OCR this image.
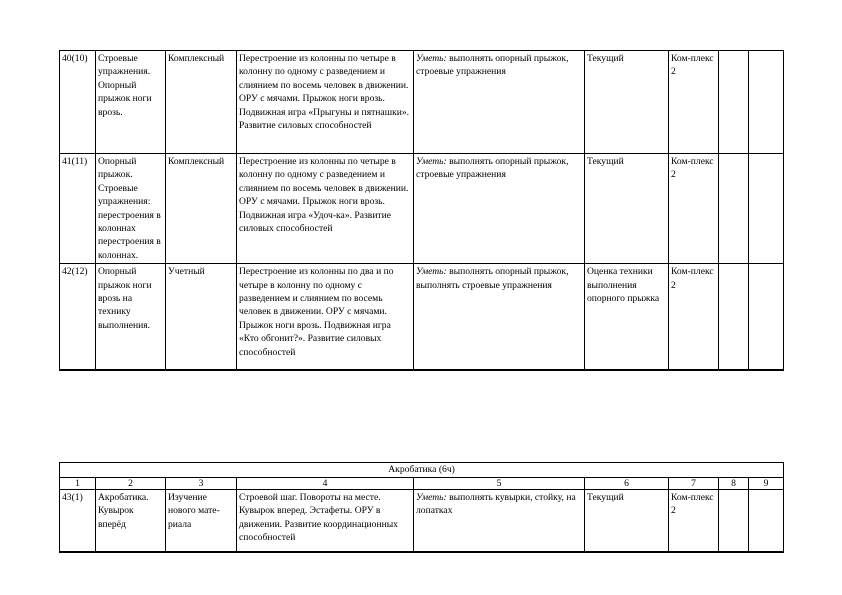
40(10)	Строевые упражнения. Опорный прыжок ноги врозь.	Комплексный	Перестроение из колонны по четыре в колонну по одному с разведением и слиянием по восемь человек в движении. ОРУ с мячами. Прыжок ноги врозь. Подвижная игра «Прыгуны и пятнашки». Развитие силовых способностей	Уметь: выполнять опорный прыжок, строевые упражнения	Текущий	Ком-плекс 2		
41(11)	Опорный прыжок. Строевые упражнения: перестроения в колоннах перестроения в колоннах.	Комплексный	Перестроение из колонны по четыре в колонну по одному с разведением и слиянием по восемь человек в движении. ОРУ с мячами. Прыжок ноги врозь. Подвижная игра «Удоч-ка». Развитие силовых способностей	Уметь: выполнять опорный прыжок, строевые упражнения	Текущий	Ком-плекс 2		
42(12)	Опорный прыжок ноги врозь на технику выполнения.	Учетный	Перестроение из колонны по два и по четыре в колонну по одному с разведением и слиянием по восемь человек в движении. ОРУ с мячами. Прыжок ноги врозь. Подвижная игра «Кто обгонит?». Развитие силовых способностей	Уметь: выполнять опорный прыжок, выполнять строевые упражнения	Оценка техники выполнения опорного прыжка	Ком-плекс 2		
Акробатика (6ч)								
1	2	3	4	5	6	7	8	9
43(1)	Акробатика. Кувырок вперёд	Изучение нового мате-риала	Строевой шаг. Повороты на месте. Кувырок вперед. Эстафеты. ОРУ в движении. Развитие координационных способностей	Уметь: выполнять кувырки, стойку, на лопатках	Текущий	Ком-плекс 2		
